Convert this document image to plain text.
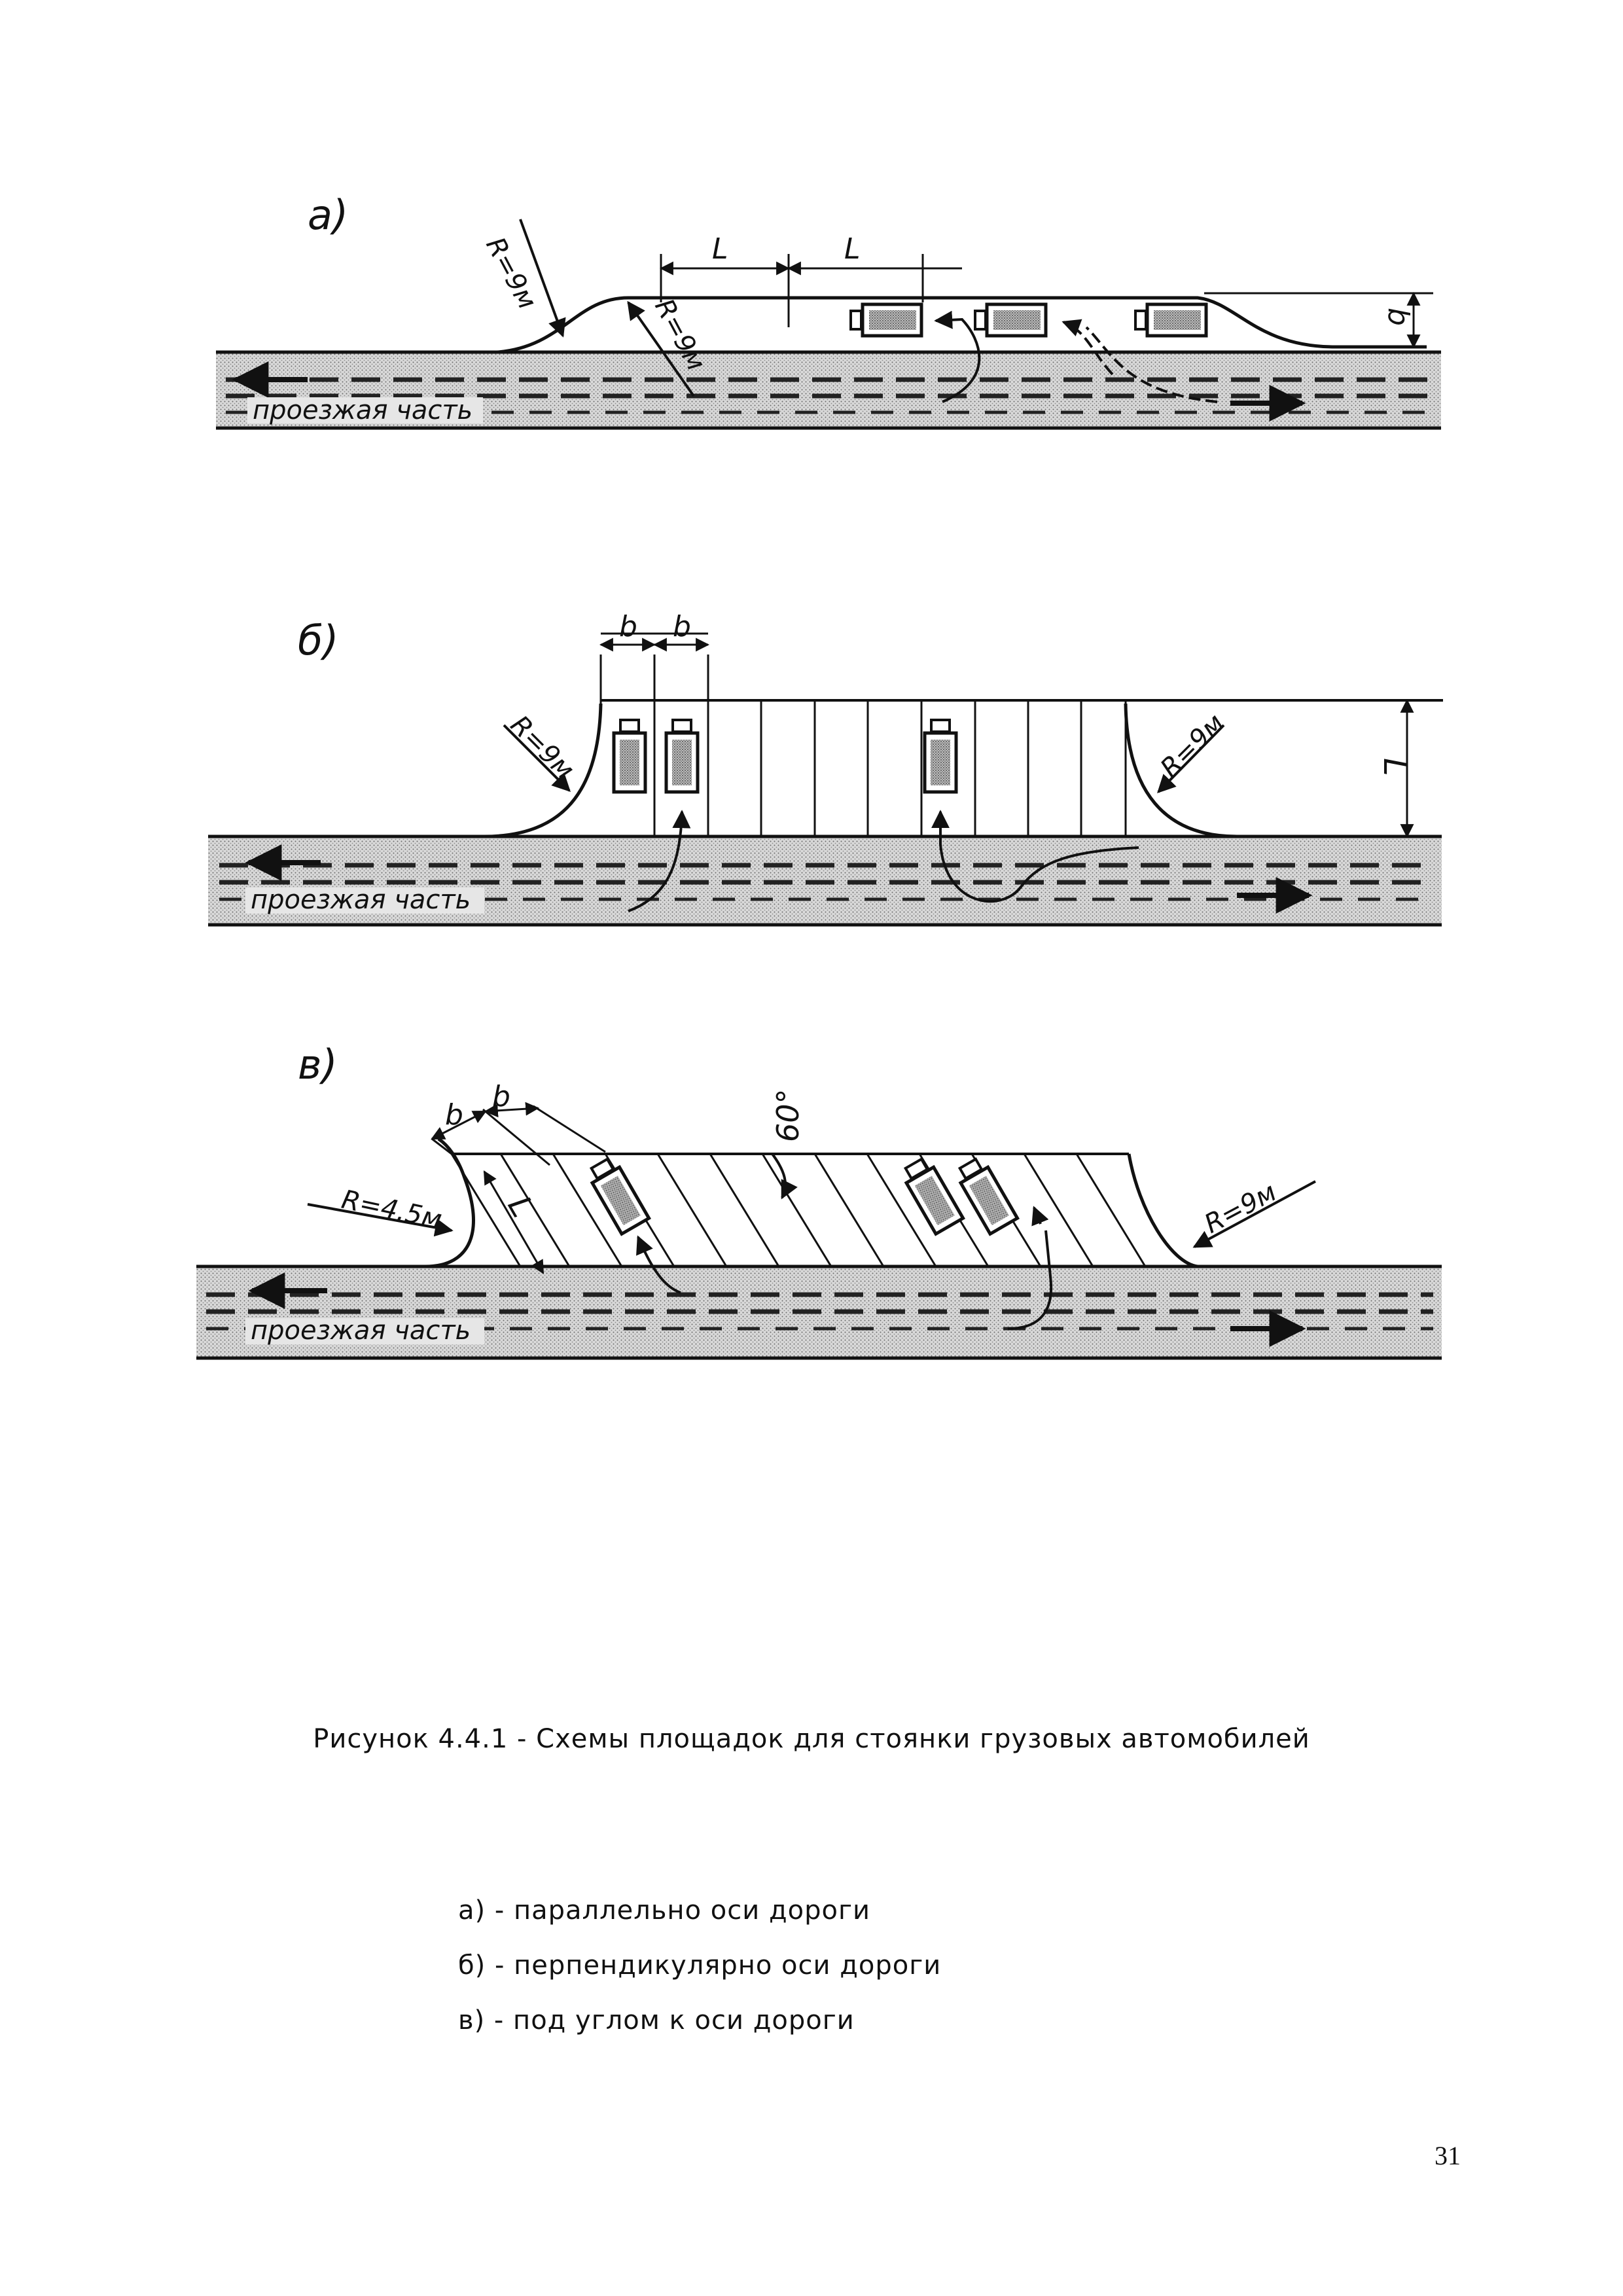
а)
проезжая часть
R=9м
R=9м
L	L
b
б)
проезжая часть
b b
L
R=9м	R=9м
в)
проезжая часть
b
b
L
60°
R=4.5м	R=9м
Рисунок 4.4.1 - Схемы площадок для стоянки грузовых автомобилей
а) - параллельно оси дороги
б) - перпендикулярно оси дороги
в) - под углом к оси дороги
31
